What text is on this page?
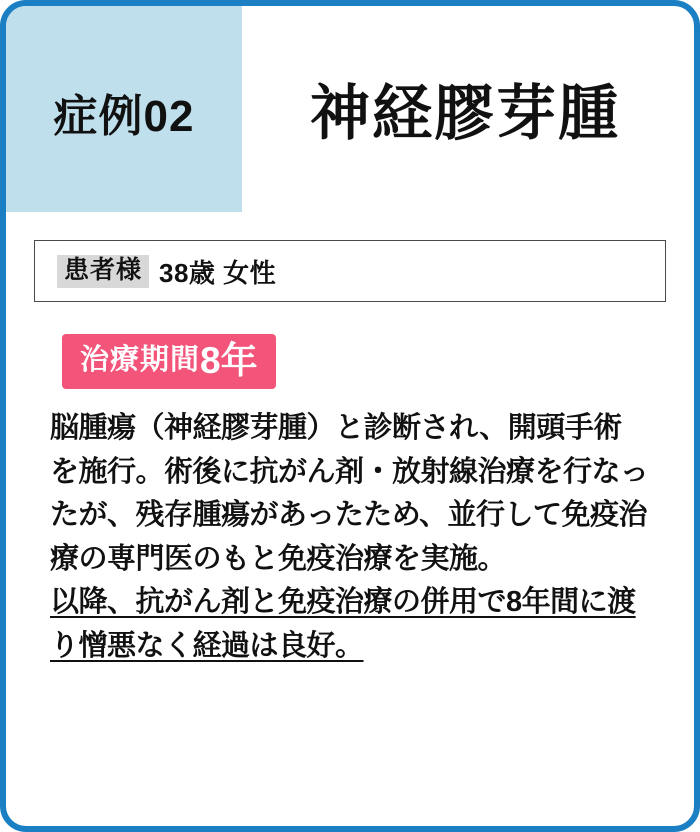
症例02	神経膠芽腫
患者様 38歳 女性
治療期間8年

脳腫瘍（神経膠芽腫）と診断され、開頭手術を施行。術後に抗がん剤・放射線治療を行なったが、残存腫瘍があったため、並行して免疫治療の専門医のもと免疫治療を実施。

以降、抗がん剤と免疫治療の併用で8年間に渡り憎悪なく経過は良好。
